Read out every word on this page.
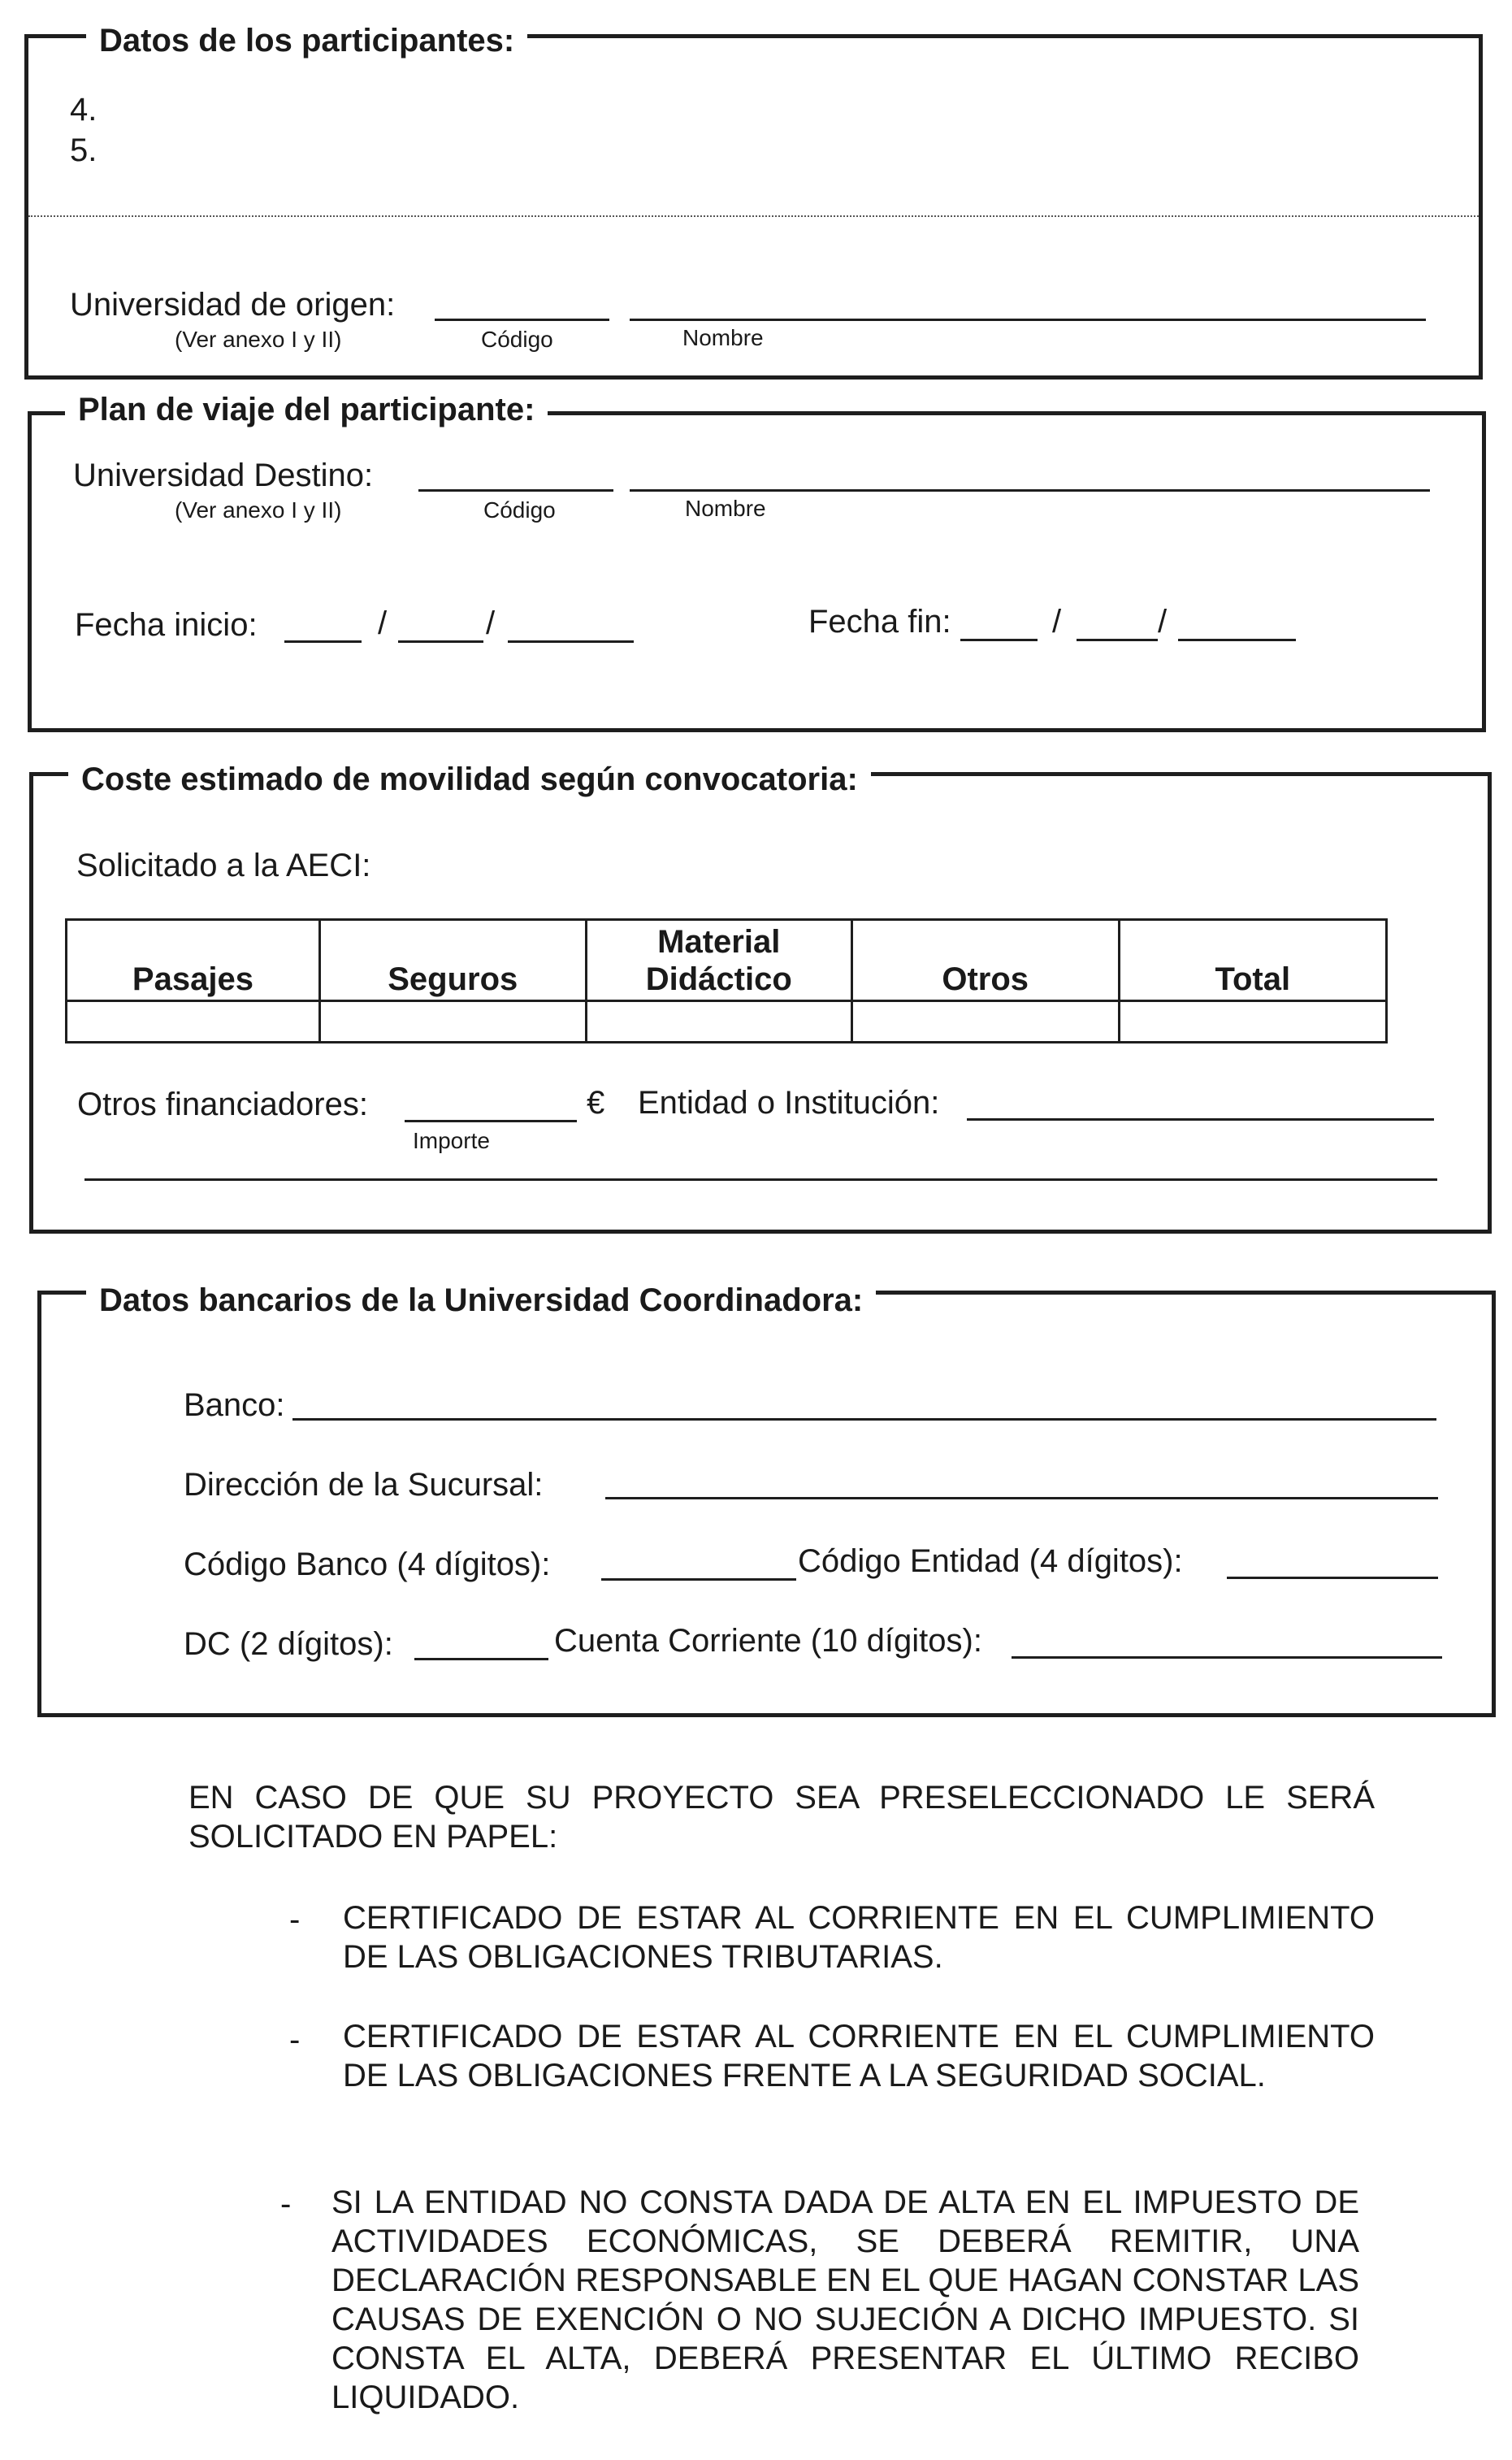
Datos de los participantes:
4.
5.
Universidad de origen:
(Ver anexo I y II)	Código	Nombre
Plan de viaje del participante:
Universidad Destino:
(Ver anexo I y II)	Código	Nombre
Fecha inicio:	/	/	Fecha fin:	/	/
Coste estimado de movilidad según convocatoria:
Solicitado a la AECI:
Pasajes	Seguros	Material Didáctico	Otros	Total

Otros financiadores:	€
Importe
Entidad o Institución:
Datos bancarios de la Universidad Coordinadora:
Banco:
Dirección de la Sucursal:
Código Banco (4 dígitos):	Código Entidad (4 dígitos):
DC (2 dígitos):	Cuenta Corriente (10 dígitos):
EN CASO DE QUE SU PROYECTO SEA PRESELECCIONADO LE SERÁ SOLICITADO EN PAPEL:
- CERTIFICADO DE ESTAR AL CORRIENTE EN EL CUMPLIMIENTO DE LAS OBLIGACIONES TRIBUTARIAS.
- CERTIFICADO DE ESTAR AL CORRIENTE EN EL CUMPLIMIENTO DE LAS OBLIGACIONES FRENTE A LA SEGURIDAD SOCIAL.
- SI LA ENTIDAD NO CONSTA DADA DE ALTA EN EL IMPUESTO DE ACTIVIDADES ECONÓMICAS, SE DEBERÁ REMITIR, UNA DECLARACIÓN RESPONSABLE EN EL QUE HAGAN CONSTAR LAS CAUSAS DE EXENCIÓN O NO SUJECIÓN A DICHO IMPUESTO. SI CONSTA EL ALTA, DEBERÁ PRESENTAR EL ÚLTIMO RECIBO LIQUIDADO.
